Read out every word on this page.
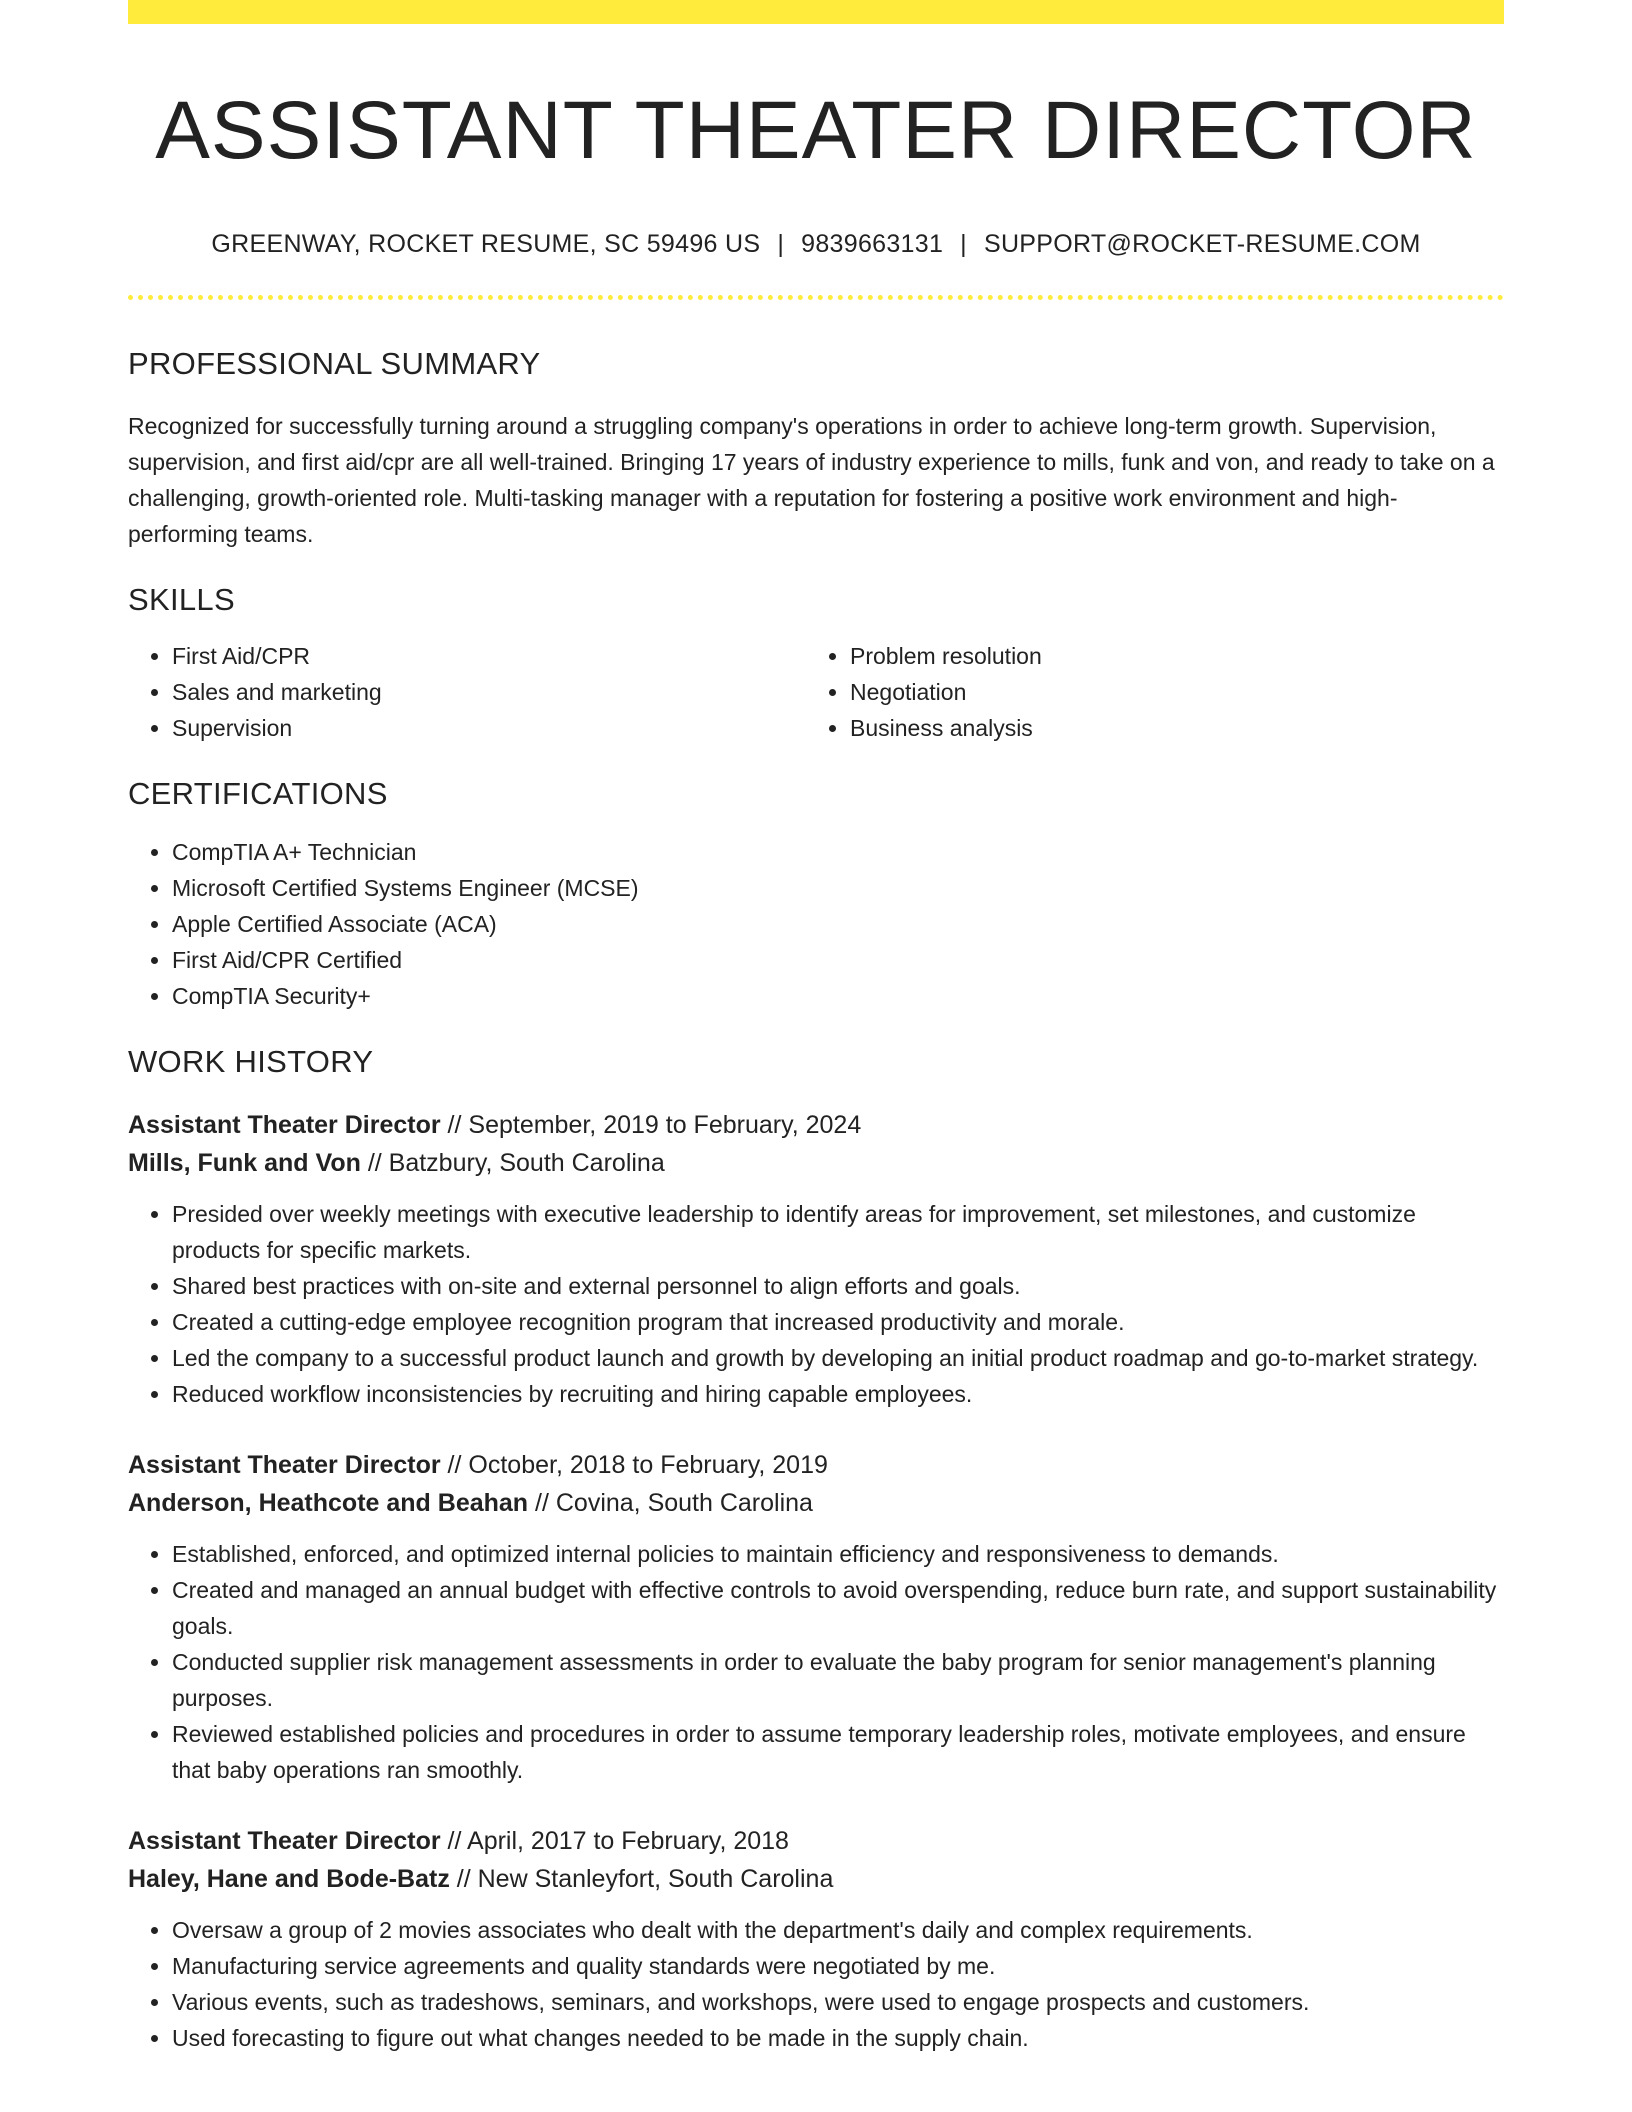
ASSISTANT THEATER DIRECTOR
GREENWAY, ROCKET RESUME, SC 59496 US | 9839663131 | SUPPORT@ROCKET-RESUME.COM
PROFESSIONAL SUMMARY
Recognized for successfully turning around a struggling company's operations in order to achieve long-term growth. Supervision, supervision, and first aid/cpr are all well-trained. Bringing 17 years of industry experience to mills, funk and von, and ready to take on a challenging, growth-oriented role. Multi-tasking manager with a reputation for fostering a positive work environment and high-performing teams.
SKILLS
• First Aid/CPR
• Sales and marketing
• Supervision
• Problem resolution
• Negotiation
• Business analysis
CERTIFICATIONS
• CompTIA A+ Technician
• Microsoft Certified Systems Engineer (MCSE)
• Apple Certified Associate (ACA)
• First Aid/CPR Certified
• CompTIA Security+
WORK HISTORY
Assistant Theater Director // September, 2019 to February, 2024
Mills, Funk and Von // Batzbury, South Carolina
• Presided over weekly meetings with executive leadership to identify areas for improvement, set milestones, and customize products for specific markets.
• Shared best practices with on-site and external personnel to align efforts and goals.
• Created a cutting-edge employee recognition program that increased productivity and morale.
• Led the company to a successful product launch and growth by developing an initial product roadmap and go-to-market strategy.
• Reduced workflow inconsistencies by recruiting and hiring capable employees.
Assistant Theater Director // October, 2018 to February, 2019
Anderson, Heathcote and Beahan // Covina, South Carolina
• Established, enforced, and optimized internal policies to maintain efficiency and responsiveness to demands.
• Created and managed an annual budget with effective controls to avoid overspending, reduce burn rate, and support sustainability goals.
• Conducted supplier risk management assessments in order to evaluate the baby program for senior management's planning purposes.
• Reviewed established policies and procedures in order to assume temporary leadership roles, motivate employees, and ensure that baby operations ran smoothly.
Assistant Theater Director // April, 2017 to February, 2018
Haley, Hane and Bode-Batz // New Stanleyfort, South Carolina
• Oversaw a group of 2 movies associates who dealt with the department's daily and complex requirements.
• Manufacturing service agreements and quality standards were negotiated by me.
• Various events, such as tradeshows, seminars, and workshops, were used to engage prospects and customers.
• Used forecasting to figure out what changes needed to be made in the supply chain.
